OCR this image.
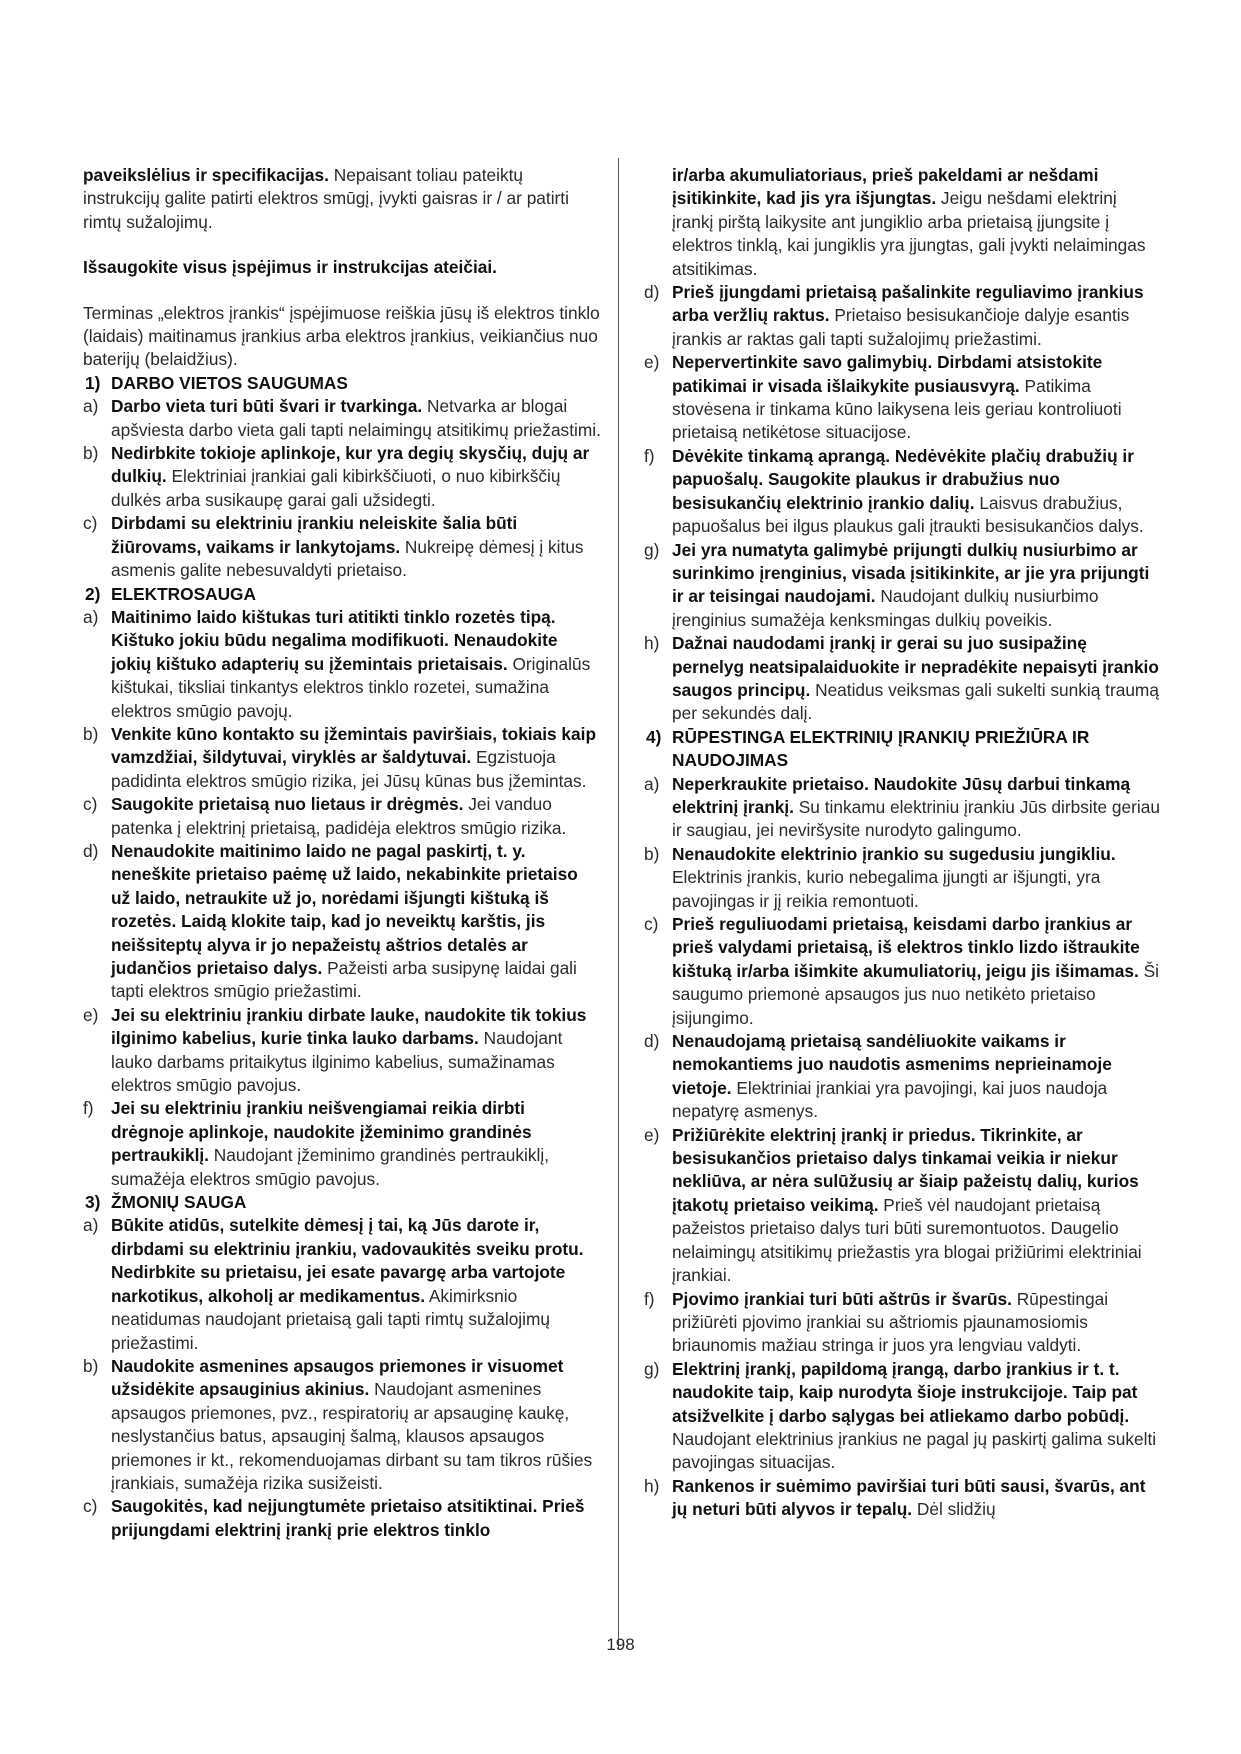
paveikslėlius ir specifikacijas. Nepaisant toliau pateiktų instrukcijų galite patirti elektros smūgį, įvykti gaisras ir / ar patirti rimtų sužalojimų.

Išsaugokite visus įspėjimus ir instrukcijas ateičiai.

Terminas „elektros įrankis“ įspėjimuose reiškia jūsų iš elektros tinklo (laidais) maitinamus įrankius arba elektros įrankius, veikiančius nuo baterijų (belaidžius).

1) DARBO VIETOS SAUGUMAS
a) Darbo vieta turi būti švari ir tvarkinga. Netvarka ar blogai apšviesta darbo vieta gali tapti nelaimingų atsitikimų priežastimi.
b) Nedirbkite tokioje aplinkoje, kur yra degių skysčių, dujų ar dulkių. Elektriniai įrankiai gali kibirkščiuoti, o nuo kibirkščių dulkės arba susikaupę garai gali užsidegti.
c) Dirbdami su elektriniu įrankiu neleiskite šalia būti žiūrovams, vaikams ir lankytojams. Nukreipę dėmesį į kitus asmenis galite nebesuvaldyti prietaiso.
2) ELEKTROSAUGA
a) Maitinimo laido kištukas turi atitikti tinklo rozetės tipą. Kištuko jokiu būdu negalima modifikuoti. Nenaudokite jokių kištuko adapterių su įžemintais prietaisais. Originalūs kištukai, tiksliai tinkantys elektros tinklo rozetei, sumažina elektros smūgio pavojų.
b) Venkite kūno kontakto su įžemintais paviršiais, tokiais kaip vamzdžiai, šildytuvai, viryklės ar šaldytuvai. Egzistuoja padidinta elektros smūgio rizika, jei Jūsų kūnas bus įžemintas.
c) Saugokite prietaisą nuo lietaus ir drėgmės. Jei vanduo patenka į elektrinį prietaisą, padidėja elektros smūgio rizika.
d) Nenaudokite maitinimo laido ne pagal paskirtį, t. y. neneškite prietaiso paėmę už laido, nekabinkite prietaiso už laido, netraukite už jo, norėdami išjungti kištuką iš rozetės. Laidą klokite taip, kad jo neveiktų karštis, jis neišsiteptų alyva ir jo nepažeistų aštrios detalės ar judančios prietaiso dalys. Pažeisti arba susipynę laidai gali tapti elektros smūgio priežastimi.
e) Jei su elektriniu įrankiu dirbate lauke, naudokite tik tokius ilginimo kabelius, kurie tinka lauko darbams. Naudojant lauko darbams pritaikytus ilginimo kabelius, sumažinamas elektros smūgio pavojus.
f)	Jei su elektriniu įrankiu neišvengiamai reikia dirbti drėgnoje aplinkoje, naudokite įžeminimo grandinės pertraukiklį. Naudojant įžeminimo grandinės pertraukiklį, sumažėja elektros smūgio pavojus.
3) ŽMONIŲ SAUGA
a) Būkite atidūs, sutelkite dėmesį į tai, ką Jūs darote ir, dirbdami su elektriniu įrankiu, vadovaukitės sveiku protu. Nedirbkite su prietaisu, jei esate pavargę arba vartojote narkotikus, alkoholį ar medikamentus. Akimirksnio neatidumas naudojant prietaisą gali tapti rimtų sužalojimų priežastimi.
b) Naudokite asmenines apsaugos priemones ir visuomet užsidėkite apsauginius akinius. Naudojant asmenines apsaugos priemones, pvz., respiratorių ar apsauginę kaukę, neslystančius batus, apsauginį šalmą, klausos apsaugos priemones ir kt., rekomenduojamas dirbant su tam tikros rūšies įrankiais, sumažėja rizika susižeisti.
c) Saugokitės, kad neįjungtumėte prietaiso atsitiktinai. Prieš prijungdami elektrinį įrankį prie elektros tinklo

ir/arba akumuliatoriaus, prieš pakeldami ar nešdami įsitikinkite, kad jis yra išjungtas. Jeigu nešdami elektrinį įrankį pirštą laikysite ant jungiklio arba prietaisą įjungsite į elektros tinklą, kai jungiklis yra įjungtas, gali įvykti nelaimingas atsitikimas.

d) Prieš įjungdami prietaisą pašalinkite reguliavimo įrankius arba veržlių raktus. Prietaiso besisukančioje dalyje esantis įrankis ar raktas gali tapti sužalojimų priežastimi.
e) Nepervertinkite savo galimybių. Dirbdami atsistokite patikimai ir visada išlaikykite pusiausvyrą. Patikima stovėsena ir tinkama kūno laikysena leis geriau kontroliuoti prietaisą netikėtose situacijose.
f)	Dėvėkite tinkamą aprangą. Nedėvėkite plačių drabužių ir papuošalų. Saugokite plaukus ir drabužius nuo besisukančių elektrinio įrankio dalių. Laisvus drabužius, papuošalus bei ilgus plaukus gali įtraukti besisukančios dalys.
g) Jei yra numatyta galimybė prijungti dulkių nusiurbimo ar surinkimo įrenginius, visada įsitikinkite, ar jie yra prijungti ir ar teisingai naudojami. Naudojant dulkių nusiurbimo įrenginius sumažėja kenksmingas dulkių poveikis.
h) Dažnai naudodami įrankį ir gerai su juo susipažinę pernelyg neatsipalaiduokite ir nepradėkite nepaisyti įrankio saugos principų. Neatidus veiksmas gali sukelti sunkią traumą per sekundės dalį.
4) RŪPESTINGA ELEKTRINIŲ ĮRANKIŲ PRIEŽIŪRA IR NAUDOJIMAS
a) Neperkraukite prietaiso. Naudokite Jūsų darbui tinkamą elektrinį įrankį. Su tinkamu elektriniu įrankiu Jūs dirbsite geriau ir saugiau, jei neviršysite nurodyto galingumo.
b) Nenaudokite elektrinio įrankio su sugedusiu jungikliu. Elektrinis įrankis, kurio nebegalima įjungti ar išjungti, yra pavojingas ir jį reikia remontuoti.
c) Prieš reguliuodami prietaisą, keisdami darbo įrankius ar prieš valydami prietaisą, iš elektros tinklo lizdo ištraukite kištuką ir/arba išimkite akumuliatorių, jeigu jis išimamas. Ši saugumo priemonė apsaugos jus nuo netikėto prietaiso įsijungimo.
d) Nenaudojamą prietaisą sandėliuokite vaikams ir nemokantiems juo naudotis asmenims neprieinamoje vietoje. Elektriniai įrankiai yra pavojingi, kai juos naudoja nepatyrę asmenys.
e) Prižiūrėkite elektrinį įrankį ir priedus. Tikrinkite, ar besisukančios prietaiso dalys tinkamai veikia ir niekur nekliūva, ar nėra sulūžusių ar šiaip pažeistų dalių, kurios įtakotų prietaiso veikimą. Prieš vėl naudojant prietaisą pažeistos prietaiso dalys turi būti suremontuotos. Daugelio nelaimingų atsitikimų priežastis yra blogai prižiūrimi elektriniai įrankiai.
f)	Pjovimo įrankiai turi būti aštrūs ir švarūs. Rūpestingai prižiūrėti pjovimo įrankiai su aštriomis pjaunamosiomis briaunomis mažiau stringa ir juos yra lengviau valdyti.
g) Elektrinį įrankį, papildomą įrangą, darbo įrankius ir t. t. naudokite taip, kaip nurodyta šioje instrukcijoje. Taip pat atsižvelkite į darbo sąlygas bei atliekamo darbo pobūdį. Naudojant elektrinius įrankius ne pagal jų paskirtį galima sukelti pavojingas situacijas.
h) Rankenos ir suėmimo paviršiai turi būti sausi, švarūs, ant jų neturi būti alyvos ir tepalų. Dėl slidžių
198
